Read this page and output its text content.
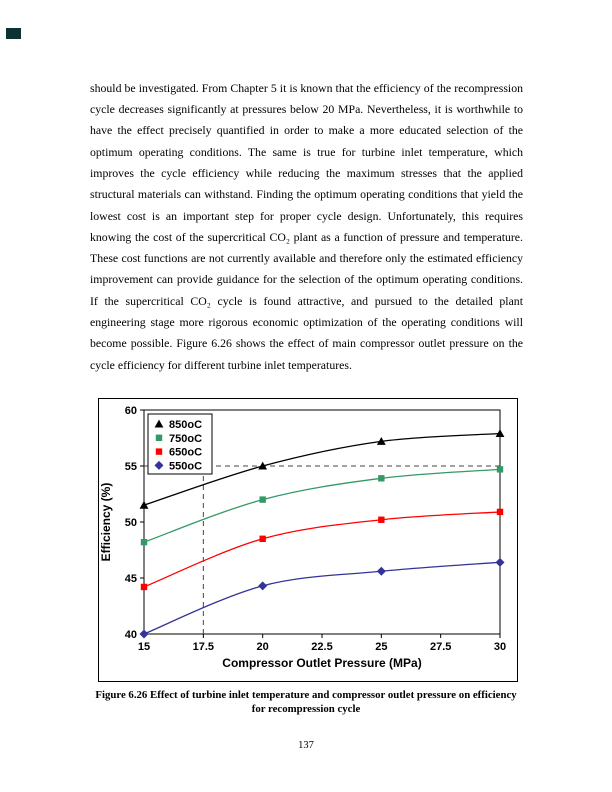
should be investigated. From Chapter 5 it is known that the efficiency of the recompression cycle decreases significantly at pressures below 20 MPa. Nevertheless, it is worthwhile to have the effect precisely quantified in order to make a more educated selection of the optimum operating conditions. The same is true for turbine inlet temperature, which improves the cycle efficiency while reducing the maximum stresses that the applied structural materials can withstand. Finding the optimum operating conditions that yield the lowest cost is an important step for proper cycle design. Unfortunately, this requires knowing the cost of the supercritical CO₂ plant as a function of pressure and temperature. These cost functions are not currently available and therefore only the estimated efficiency improvement can provide guidance for the selection of the optimum operating conditions. If the supercritical CO₂ cycle is found attractive, and pursued to the detailed plant engineering stage more rigorous economic optimization of the operating conditions will become possible. Figure 6.26 shows the effect of main compressor outlet pressure on the cycle efficiency for different turbine inlet temperatures.

40
45
50
55
60
15	17.5	20	22.5	25	27.5	30
Compressor Outlet Pressure (MPa)
Efficiency (%)
850oC
750oC
650oC
550oC
Figure 6.26 Effect of turbine inlet temperature and compressor outlet pressure on efficiency
for recompression cycle
137
